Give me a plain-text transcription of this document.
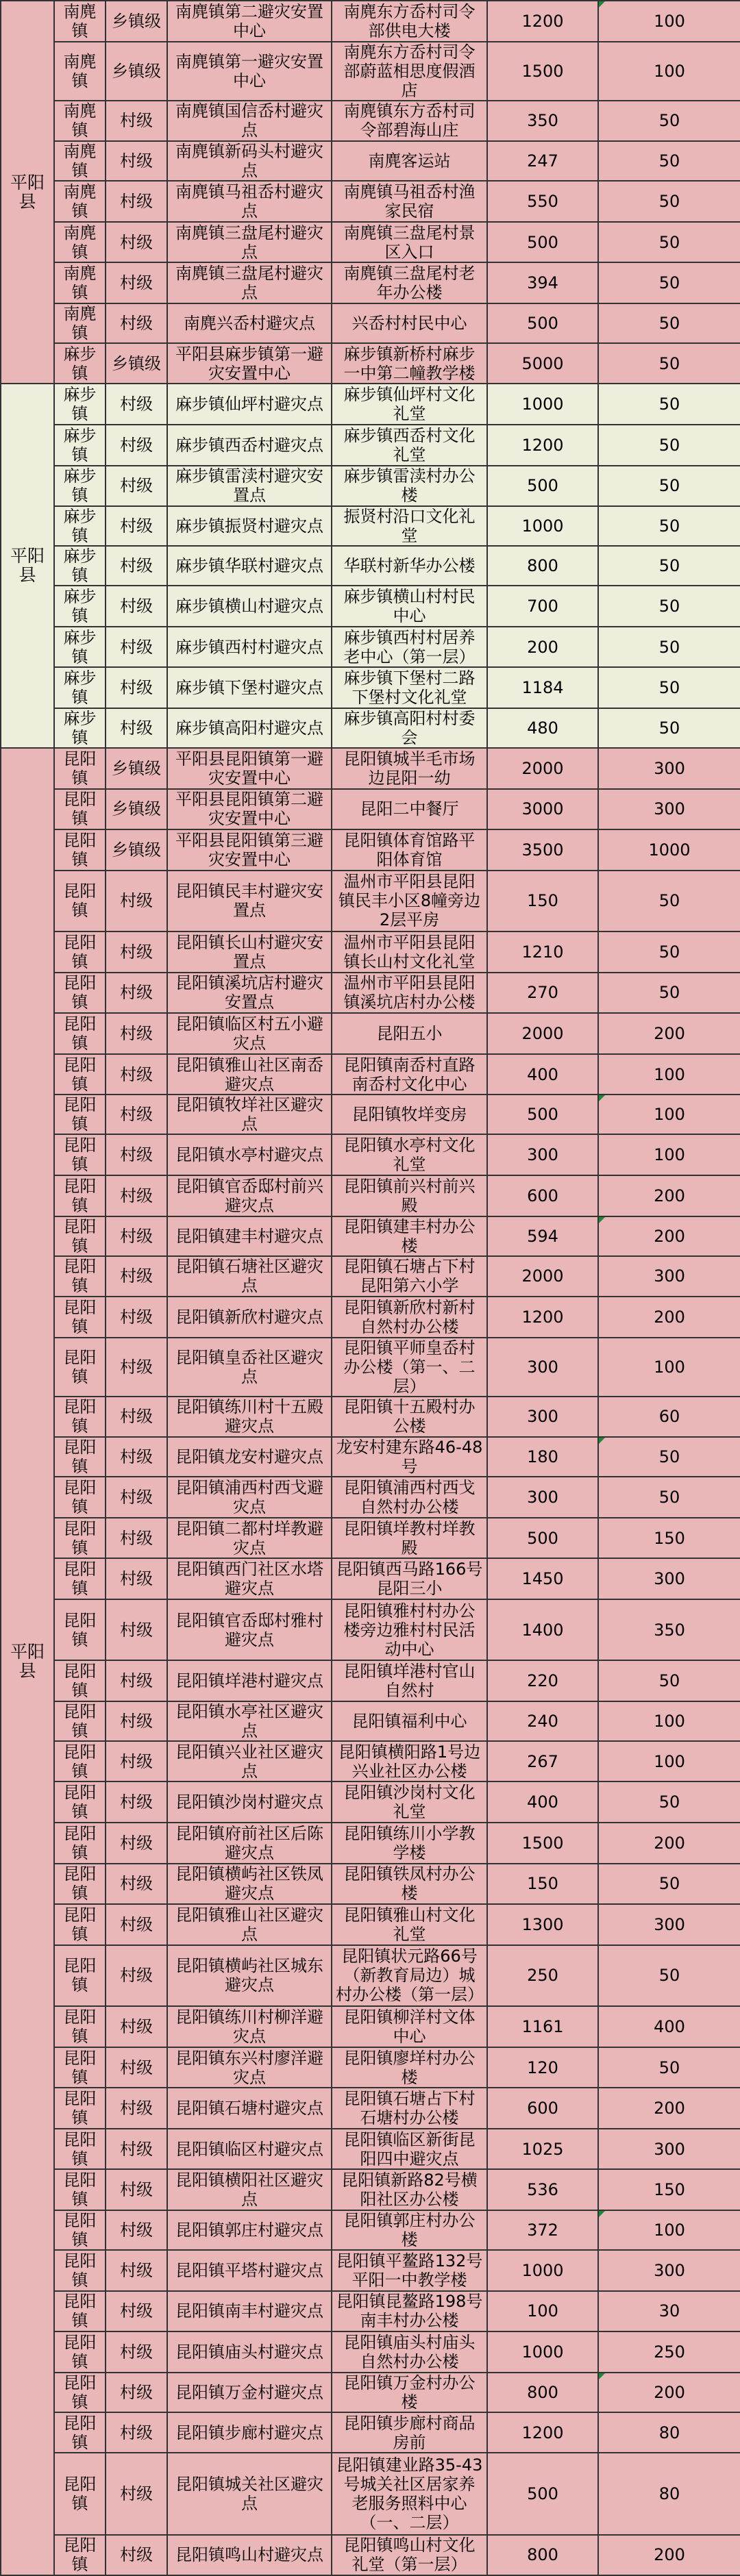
平阳县	南麂镇	乡镇级	南麂镇第二避灾安置中心	南麂东方岙村司令部供电大楼	1200	100
	南麂镇	乡镇级	南麂镇第一避灾安置中心	南麂东方岙村司令部蔚蓝相思度假酒店	1500	100
	南麂镇	村级	南麂镇国信岙村避灾点	南麂镇东方岙村司令部碧海山庄	350	50
	南麂镇	村级	南麂镇新码头村避灾点	南麂客运站	247	50
	南麂镇	村级	南麂镇马祖岙村避灾点	南麂镇马祖岙村渔家民宿	550	50
	南麂镇	村级	南麂镇三盘尾村避灾点	南麂镇三盘尾村景区入口	500	50
	南麂镇	村级	南麂镇三盘尾村避灾点	南麂镇三盘尾村老年办公楼	394	50
	南麂镇	村级	南麂兴岙村避灾点	兴岙村村民中心	500	50
	麻步镇	乡镇级	平阳县麻步镇第一避灾安置中心	麻步镇新桥村麻步一中第二幢教学楼	5000	50
平阳县	麻步镇	村级	麻步镇仙坪村避灾点	麻步镇仙坪村文化礼堂	1000	50
	麻步镇	村级	麻步镇西岙村避灾点	麻步镇西岙村文化礼堂	1200	50
	麻步镇	村级	麻步镇雷渎村避灾安置点	麻步镇雷渎村办公楼	500	50
	麻步镇	村级	麻步镇振贤村避灾点	振贤村沿口文化礼堂	1000	50
	麻步镇	村级	麻步镇华联村避灾点	华联村新华办公楼	800	50
	麻步镇	村级	麻步镇横山村避灾点	麻步镇横山村村民中心	700	50
	麻步镇	村级	麻步镇西村村避灾点	麻步镇西村村居养老中心（第一层）	200	50
	麻步镇	村级	麻步镇下堡村避灾点	麻步镇下堡村二路下堡村文化礼堂	1184	50
	麻步镇	村级	麻步镇高阳村避灾点	麻步镇高阳村村委会	480	50
平阳县	昆阳镇	乡镇级	平阳县昆阳镇第一避灾安置中心	昆阳镇城半毛市场边昆阳一幼	2000	300
	昆阳镇	乡镇级	平阳县昆阳镇第二避灾安置中心	昆阳二中餐厅	3000	300
	昆阳镇	乡镇级	平阳县昆阳镇第三避灾安置中心	昆阳镇体育馆路平阳体育馆	3500	1000
	昆阳镇	村级	昆阳镇民丰村避灾安置点	温州市平阳县昆阳镇民丰小区8幢旁边2层平房	150	50
	昆阳镇	村级	昆阳镇长山村避灾安置点	温州市平阳县昆阳镇长山村文化礼堂	1210	50
	昆阳镇	村级	昆阳镇溪坑店村避灾安置点	温州市平阳县昆阳镇溪坑店村办公楼	270	50
	昆阳镇	村级	昆阳镇临区村五小避灾点	昆阳五小	2000	200
	昆阳镇	村级	昆阳镇雅山社区南岙避灾点	昆阳镇南岙村直路南岙村文化中心	400	100
	昆阳镇	村级	昆阳镇牧垟社区避灾点	昆阳镇牧垟变房	500	100
	昆阳镇	村级	昆阳镇水亭村避灾点	昆阳镇水亭村文化礼堂	300	100
	昆阳镇	村级	昆阳镇官岙邸村前兴避灾点	昆阳镇前兴村前兴殿	600	200
	昆阳镇	村级	昆阳镇建丰村避灾点	昆阳镇建丰村办公楼	594	200
	昆阳镇	村级	昆阳镇石塘社区避灾点	昆阳镇石塘占下村昆阳第六小学	2000	300
	昆阳镇	村级	昆阳镇新欣村避灾点	昆阳镇新欣村新村自然村办公楼	1200	200
	昆阳镇	村级	昆阳镇皇岙社区避灾点	昆阳镇平师皇岙村办公楼（第一、二层）	300	100
	昆阳镇	村级	昆阳镇练川村十五殿避灾点	昆阳镇十五殿村办公楼	300	60
	昆阳镇	村级	昆阳镇龙安村避灾点	龙安村建东路46-48号	180	50
	昆阳镇	村级	昆阳镇浦西村西戈避灾点	昆阳镇浦西村西戈自然村办公楼	300	50
	昆阳镇	村级	昆阳镇二都村垟教避灾点	昆阳镇垟教村垟教殿	500	150
	昆阳镇	村级	昆阳镇西门社区水塔避灾点	昆阳镇西马路166号昆阳三小	1450	300
	昆阳镇	村级	昆阳镇官岙邸村雅村避灾点	昆阳镇雅村村办公楼旁边雅村村民活动中心	1400	350
	昆阳镇	村级	昆阳镇垟港村避灾点	昆阳镇垟港村官山自然村	220	50
	昆阳镇	村级	昆阳镇水亭社区避灾点	昆阳镇福利中心	240	100
	昆阳镇	村级	昆阳镇兴业社区避灾点	昆阳镇横阳路1号边兴业社区办公楼	267	100
	昆阳镇	村级	昆阳镇沙岗村避灾点	昆阳镇沙岗村文化礼堂	400	50
	昆阳镇	村级	昆阳镇府前社区后陈避灾点	昆阳镇练川小学教学楼	1500	200
	昆阳镇	村级	昆阳镇横屿社区铁凤避灾点	昆阳镇铁凤村办公楼	150	50
	昆阳镇	村级	昆阳镇雅山社区避灾点	昆阳镇雅山村文化礼堂	1300	300
	昆阳镇	村级	昆阳镇横屿社区城东避灾点	昆阳镇状元路66号（新教育局边）城村办公楼（第一层）	250	50
	昆阳镇	村级	昆阳镇练川村柳洋避灾点	昆阳镇柳洋村文体中心	1161	400
	昆阳镇	村级	昆阳镇东兴村廖洋避灾点	昆阳镇廖垟村办公楼	120	50
	昆阳镇	村级	昆阳镇石塘村避灾点	昆阳镇石塘占下村石塘村办公楼	600	200
	昆阳镇	村级	昆阳镇临区村避灾点	昆阳镇临区新街昆阳四中避灾点	1025	300
	昆阳镇	村级	昆阳镇横阳社区避灾点	昆阳镇新路82号横阳社区办公楼	536	150
	昆阳镇	村级	昆阳镇郭庄村避灾点	昆阳镇郭庄村办公楼	372	100
	昆阳镇	村级	昆阳镇平塔村避灾点	昆阳镇平鳌路132号平阳一中教学楼	1000	300
	昆阳镇	村级	昆阳镇南丰村避灾点	昆阳镇昆鳌路198号南丰村办公楼	100	30
	昆阳镇	村级	昆阳镇庙头村避灾点	昆阳镇庙头村庙头自然村办公楼	1000	250
	昆阳镇	村级	昆阳镇万金村避灾点	昆阳镇万金村办公楼	800	200
	昆阳镇	村级	昆阳镇步廊村避灾点	昆阳镇步廊村商品房前	1200	80
	昆阳镇	村级	昆阳镇城关社区避灾点	昆阳镇建业路35-43号城关社区居家养老服务照料中心（一、二层）	500	80
	昆阳镇	村级	昆阳镇鸣山村避灾点	昆阳镇鸣山村文化礼堂（第一层）	800	200
